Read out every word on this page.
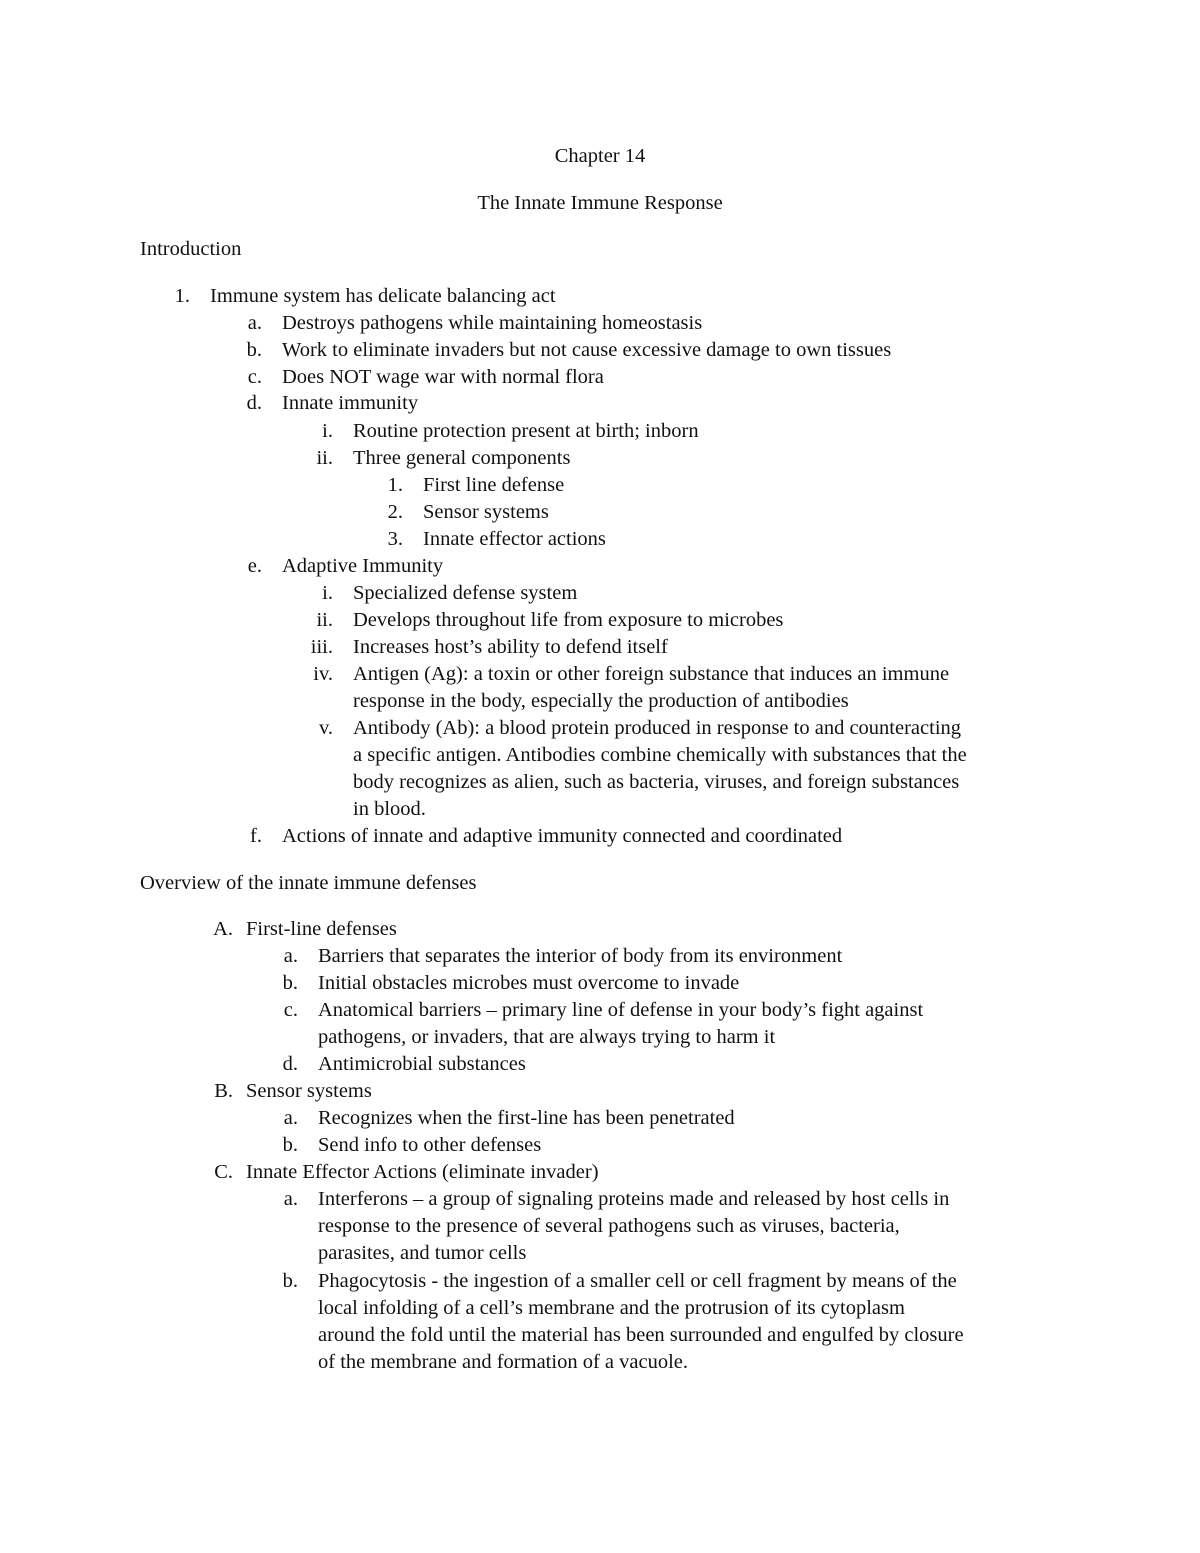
Chapter 14
The Innate Immune Response
Introduction
Overview of the innate immune defenses
1. Immune system has delicate balancing act
a. Destroys pathogens while maintaining homeostasis
b. Work to eliminate invaders but not cause excessive damage to own tissues
c. Does NOT wage war with normal flora
d. Innate immunity
i. Routine protection present at birth; inborn
ii. Three general components
1. First line defense
2. Sensor systems
3. Innate effector actions
e. Adaptive Immunity
i. Specialized defense system
ii. Develops throughout life from exposure to microbes
iii. Increases host’s ability to defend itself
iv. Antigen (Ag): a toxin or other foreign substance that induces an immune
response in the body, especially the production of antibodies
v. Antibody (Ab): a blood protein produced in response to and counteracting
a specific antigen. Antibodies combine chemically with substances that the
body recognizes as alien, such as bacteria, viruses, and foreign substances
in blood.
f. Actions of innate and adaptive immunity connected and coordinated
A. First-line defenses
a. Barriers that separates the interior of body from its environment
b. Initial obstacles microbes must overcome to invade
c. Anatomical barriers – primary line of defense in your body’s fight against
pathogens, or invaders, that are always trying to harm it
d. Antimicrobial substances
B. Sensor systems
a. Recognizes when the first-line has been penetrated
b. Send info to other defenses
C. Innate Effector Actions (eliminate invader)
a. Interferons – a group of signaling proteins made and released by host cells in
response to the presence of several pathogens such as viruses, bacteria,
parasites, and tumor cells
b. Phagocytosis - the ingestion of a smaller cell or cell fragment by means of the
local infolding of a cell’s membrane and the protrusion of its cytoplasm
around the fold until the material has been surrounded and engulfed by closure
of the membrane and formation of a vacuole.
